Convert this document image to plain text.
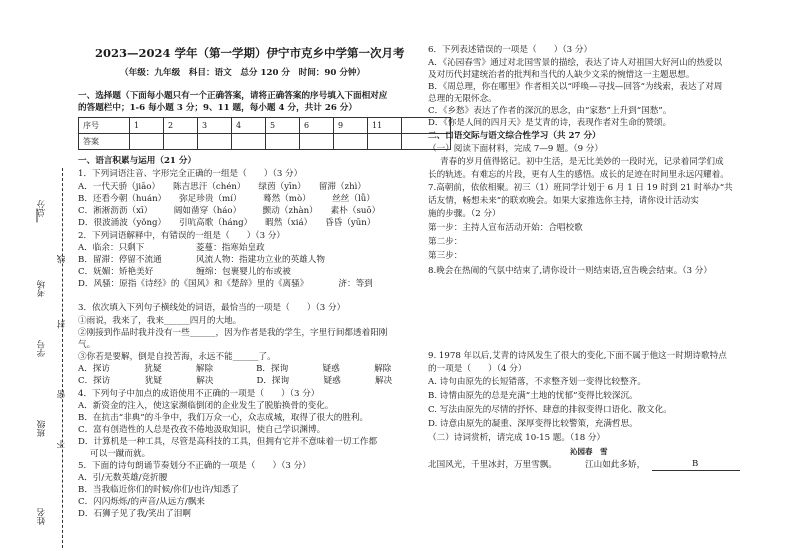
2023—2024 学年（第一学期）伊宁市克乡中学第一次月考
（年级：九年级　科目：语文　总分 120 分　时间：90 分钟）
总分
考场
学号
班级
姓名
线
封
密
不
一、选择题（下面每小题只有一个正确答案，请将正确答案的序号填入下面相对应
的答题栏中；1-6 每小题 3 分；9、11 题，每小题 4 分，共计 26 分）
序号	1	2	3	4	5	6	9	11	
答案									
一、语言积累与运用（21 分）
1．下列词语注音、字形完全正确的一组是（　　）（3 分）
A．一代天骄（jiāo）　　陈吉思汗（chén）　　绿茵（yīn）　　留滞（zhì）
B．还看今朝（huán）　　弥足珍贵（mí）　　　蓦然（mò）　　　丝丝（lǚ）
C．淅淅沥沥（xī）　　　阔如凿穿（háo）　　　颤动（zhàn）　　素朴（suō）
D．很波涌波（yǒng）　　引吭高歌（háng）　　暇然（xiá）　　昏昏（yūn）
2．下列词语解释中，有错误的一组是（　　）（3 分）
A．临余：只剩下　　　　　　菱蔓：指寒始皇政
B．留滞：停留不流通　　　　风流人物：指建功立业的英雄人物
C．妩媚：矫艳美好　　　　　缠绵：包裹婴儿的布或被
D．风骚：原指《诗经》的《国风》和《楚辞》里的《离骚》　　　　济：等到
3．依次填入下列句子横线处的词语，最恰当的一项是（　　）（3 分）
①雨说，我来了，我来______四月的大地。
②刚接到作品时我并没有一些______，因为作者是我的学生，字里行间都透着阳刚
气。
③你若是要解，倒是自投苦海，永远不能______了。
A．探访　　　　犹疑　　　　解除　　　　　B．探询　　　　疑惑　　　　解除
C．探访　　　　犹疑　　　　解决　　　　　D．探询　　　　疑惑　　　　解决
4．下列句子中加点的成语使用不正确的一项是（　　）（3 分）
A．新资金的注入，使这家濒临倒闭的企业发生了脱胎换骨的变化。
B．在抗击“非典”的斗争中，我们万众一心，众志成城，取得了很大的胜利。
C．富有创造性的人总是孜孜不倦地汲取知识，使自己学识渊博。
D．计算机是一种工具，尽管是高科技的工具，但拥有它并不意味着一切工作都
可以一蹴而就。
5．下面的诗句朗诵节奏划分不正确的一项是（　　）（3 分）
A．引/无数英雄/竞折腰
B．当我临近你们的时候/你们/也许/知悉了
C．闪闪烁烁/的声音/从远方/飘来
D．石狮子见了我/笑出了泪啊
6．下列表述错误的一项是（　　）（3 分）
A．《沁园春雪》通过对北国雪景的描绘，表达了诗人对祖国大好河山的热爱以
及对历代封建统治者的批判和当代的人缺少文采的惋惜这一主题思想。
B．《周总理，你在哪里》作者相关以“呼唤—寻找—回答”为线索，表达了对周
总理的无限怀念。
C．《乡愁》表达了作者的深沉的思念，由“家愁”上升到“国愁”。
D．《你是人间的四月天》是艾青的诗，表现作者对生命的赞颂。
二、口语交际与语文综合性学习（共 27 分）
（一）阅读下面材料，完成 7—9 题。（9 分）
青春的岁月值得铭记。初中生活，是无比美妙的一段时光，记录着同学们成
长的轨迹。有难忘的片段，更有人生的感悟。成长的足迹在时间里永远闪耀着。
7.高朝前，依依相聚。初三（1）班同学计划于 6 月 1 日 19 时到 21 时举办“共
话友情，畅想未来”的联欢晚会。如果大家推选你主持，请你设计活动实
施的步骤。（2 分）
第一步：主持人宣布活动开始：合唱校歌
第二步：
第三步：
8.晚会在热闹的气氛中结束了,请你设计一则结束语,宣告晚会结束。（3 分）
9. 1978 年以后,艾青的诗风发生了很大的变化,下面不属于他这一时期诗歌特点
的一项是（　　）（4 分）
A. 诗句由原先的长短错落，不求整齐划一变得比较整齐。
B. 诗情由原先的总是充满“土地的忧郁”变得比较深沉。
C. 写法由原先的尽情的抒怀、肆意的排叙变得口语化、散文化。
D. 诗意由原先的凝重、深厚变得比较警策，充满哲思。
（二）诗词赏析，请完成 10-15 题。（18 分）
沁园春　雪
北国风光，千里冰封，万里雪飘。	江山如此多娇，	B
